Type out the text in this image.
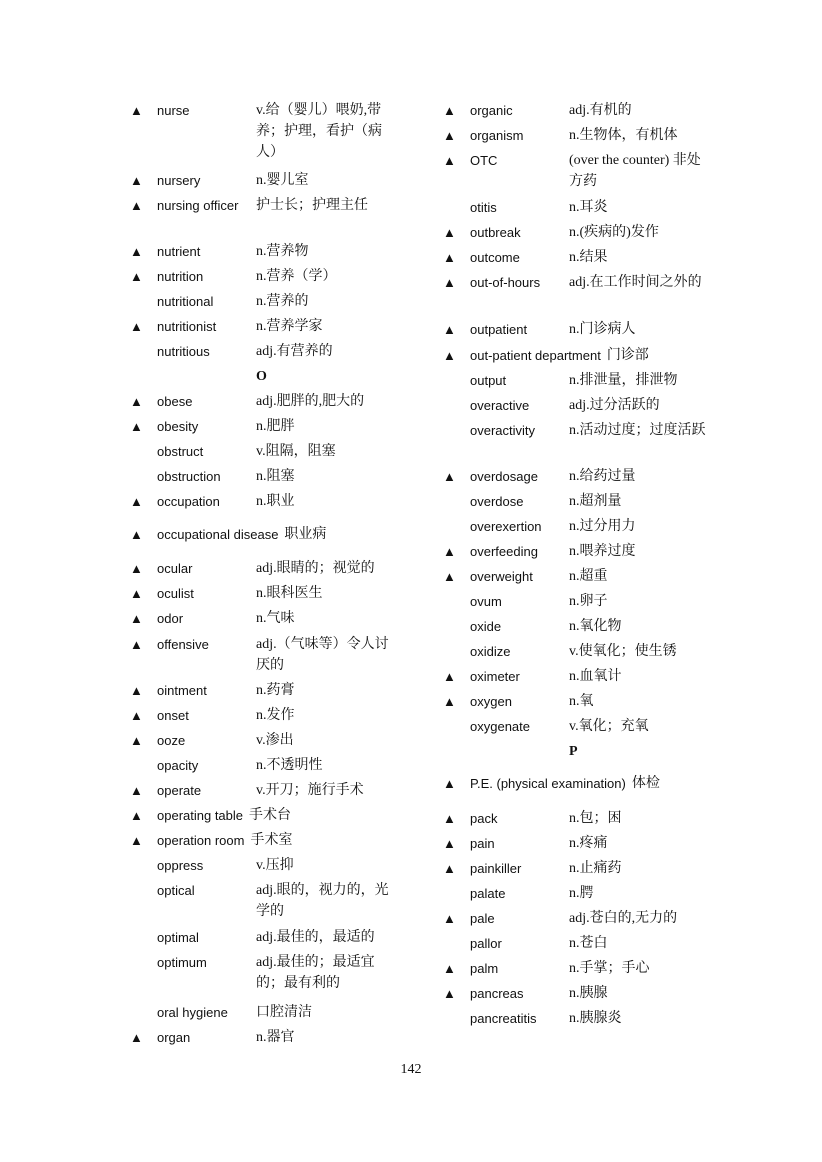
▲	nurse	v.给（婴儿）喂奶,带养；护理，看护（病人）
▲	nursery	n.婴儿室
▲	nursing officer	护士长；护理主任
▲	nutrient	n.营养物
▲	nutrition	n.营养（学）
nutritional	n.营养的
▲	nutritionist	n.营养学家
nutritious	adj.有营养的
O
▲	obese	adj.肥胖的,肥大的
▲	obesity	n.肥胖
obstruct	v.阻隔，阻塞
obstruction	n.阻塞
▲	occupation	n.职业
▲	occupational disease 职业病
▲	ocular	adj.眼睛的；视觉的
▲	oculist	n.眼科医生
▲	odor	n.气味
▲	offensive	adj.（气味等）令人讨厌的
▲	ointment	n.药膏
▲	onset	n.发作
▲	ooze	v.渗出
opacity	n.不透明性
▲	operate	v.开刀；施行手术
▲	operating table 手术台
▲	operation room 手术室
oppress	v.压抑
optical	adj.眼的，视力的，光学的
optimal	adj.最佳的，最适的
optimum	adj.最佳的；最适宜的；最有利的
oral hygiene	口腔清洁
▲	organ	n.器官
▲	organic	adj.有机的
▲	organism	n.生物体，有机体
▲	OTC	(over the counter) 非处方药
otitis	n.耳炎
▲	outbreak	n.(疾病的)发作
▲	outcome	n.结果
▲	out-of-hours	adj.在工作时间之外的
▲	outpatient	n.门诊病人
▲	out-patient department 门诊部
output	n.排泄量，排泄物
overactive	adj.过分活跃的
overactivity	n.活动过度；过度活跃
▲	overdosage	n.给药过量
overdose	n.超剂量
overexertion	n.过分用力
▲	overfeeding	n.喂养过度
▲	overweight	n.超重
ovum	n.卵子
oxide	n.氧化物
oxidize	v.使氧化；使生锈
▲	oximeter	n.血氧计
▲	oxygen	n.氧
oxygenate	v.氧化；充氧
P
▲	P.E. (physical examination) 体检
▲	pack	n.包；困
▲	pain	n.疼痛
▲	painkiller	n.止痛药
palate	n.腭
▲	pale	adj.苍白的,无力的
pallor	n.苍白
▲	palm	n.手掌；手心
▲	pancreas	n.胰腺
pancreatitis	n.胰腺炎
142
